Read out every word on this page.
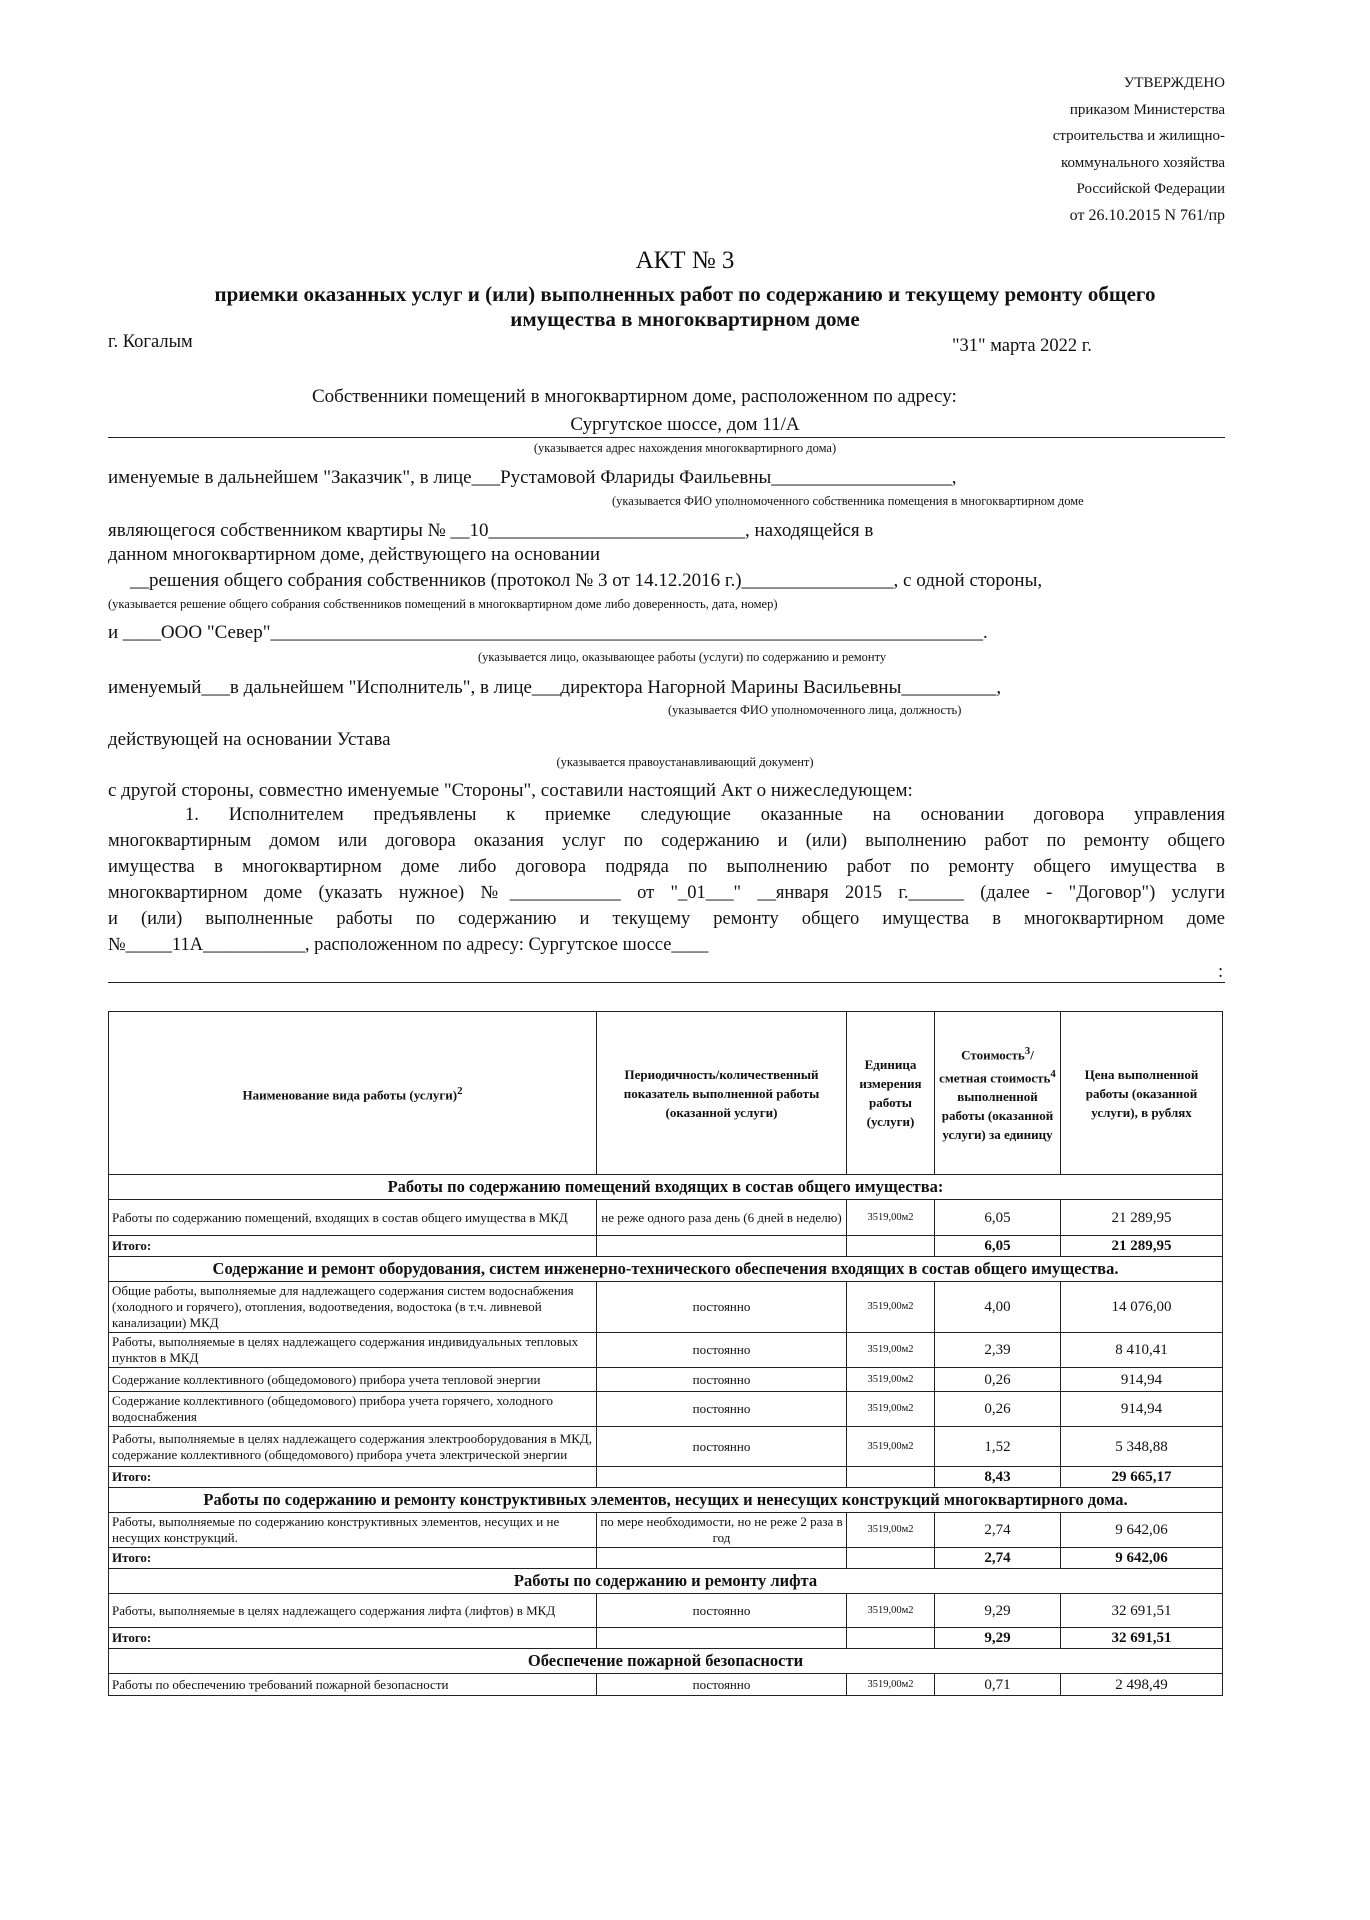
УТВЕРЖДЕНО
приказом Министерства
строительства и жилищно-
коммунального хозяйства
Российской Федерации
от 26.10.2015 N 761/пр
АКТ № 3
приемки оказанных услуг и (или) выполненных работ по содержанию и текущему ремонту общего
имущества в многоквартирном доме
г. Когалым	"31" марта 2022 г.
Собственники помещений в многоквартирном доме, расположенном по адресу:
Сургутское шоссе, дом 11/А
(указывается адрес нахождения многоквартирного дома)
именуемые в дальнейшем "Заказчик", в лице___Рустамовой Флариды Фаильевны___________________,
(указывается ФИО уполномоченного собственника помещения в многоквартирном доме
являющегося собственником квартиры № __10___________________________, находящейся в
данном многоквартирном доме, действующего на основании
__решения общего собрания собственников (протокол № 3 от 14.12.2016 г.)________________, с одной стороны,
(указывается решение общего собрания собственников помещений в многоквартирном доме либо доверенность, дата, номер)
и ____ООО "Север"___________________________________________________________________________.
(указывается лицо, оказывающее работы (услуги) по содержанию и ремонту
именуемый___в дальнейшем "Исполнитель", в лице___директора Нагорной Марины Васильевны__________,
(указывается ФИО уполномоченного лица, должность)
действующей на основании Устава
(указывается правоустанавливающий документ)
с другой стороны, совместно именуемые "Стороны", составили настоящий Акт о нижеследующем:
1. Исполнителем предъявлены к приемке следующие оказанные на основании договора управления
многоквартирным домом или договора оказания услуг по содержанию и (или) выполнению работ по ремонту общего
имущества в многоквартирном доме либо договора подряда по выполнению работ по ремонту общего имущества в
многоквартирном доме (указать нужное) №____________ от "_01___" __января 2015 г.______ (далее - "Договор") услуги
и (или) выполненные работы по содержанию и текущему ремонту общего имущества в многоквартирном доме
№_____11А___________, расположенном по адресу: Сургутское шоссе____
:
Наименование вида работы (услуги)$^2$	Периодичность/количественный показатель выполненной работы (оказанной услуги)	Единица измерения работы (услуги)	Стоимость$^3$/сметная стоимость$^4$ выполненной работы (оказанной услуги) за единицу	Цена выполненной работы (оказанной услуги), в рублях
Работы по содержанию помещений входящих в состав общего имущества:				
Работы по содержанию помещений, входящих в состав общего имущества в МКД	не реже одного раза день (6 дней в неделю)	3519,00м2	6,05	21 289,95
Итого:			6,05	21 289,95
Содержание и ремонт оборудования, систем инженерно-технического обеспечения входящих в состав общего имущества.				
Общие работы, выполняемые для надлежащего содержания систем водоснабжения (холодного и горячего), отопления, водоотведения, водостока (в т.ч. ливневой канализации) МКД	постоянно	3519,00м2	4,00	14 076,00
Работы, выполняемые в целях надлежащего содержания индивидуальных тепловых пунктов в МКД	постоянно	3519,00м2	2,39	8 410,41
Содержание коллективного (общедомового) прибора учета тепловой энергии	постоянно	3519,00м2	0,26	914,94
Содержание коллективного (общедомового) прибора учета горячего, холодного водоснабжения	постоянно	3519,00м2	0,26	914,94
Работы, выполняемые в целях надлежащего содержания электрооборудования в МКД, содержание коллективного (общедомового) прибора учета электрической энергии	постоянно	3519,00м2	1,52	5 348,88
Итого:			8,43	29 665,17
Работы по содержанию и ремонту конструктивных элементов, несущих и ненесущих конструкций многоквартирного дома.				
Работы, выполняемые по содержанию конструктивных элементов, несущих и не несущих конструкций.	по мере необходимости, но не реже 2 раза в год	3519,00м2	2,74	9 642,06
Итого:			2,74	9 642,06
Работы по содержанию и ремонту лифта				
Работы, выполняемые в целях надлежащего содержания лифта (лифтов) в МКД	постоянно	3519,00м2	9,29	32 691,51
Итого:			9,29	32 691,51
Обеспечение пожарной безопасности				
Работы по обеспечению требований пожарной безопасности	постоянно	3519,00м2	0,71	2 498,49
